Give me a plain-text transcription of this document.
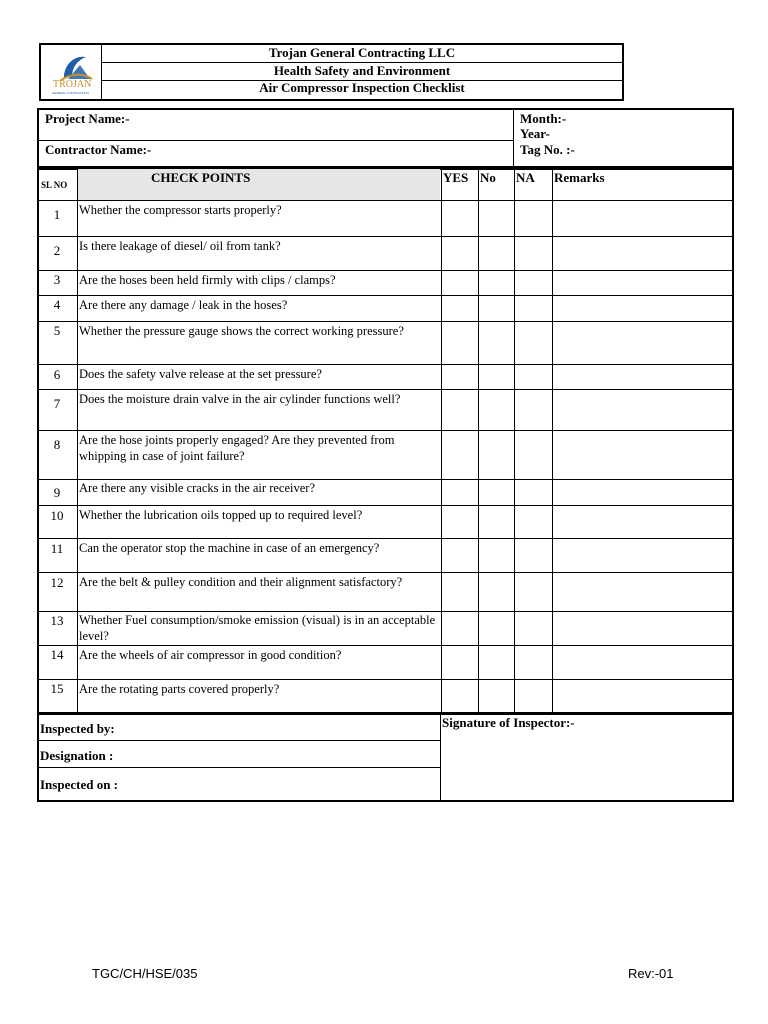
TROJAN
GENERAL CONTRACTING
Trojan General Contracting LLC
Health Safety and Environment
Air Compressor Inspection Checklist
Project Name:-
Contractor Name:-
Month:-
Year-
Tag No. :-
SL NO	CHECK POINTS	YES No NA Remarks
1	Whether the compressor starts properly?
2	Is there leakage of diesel/ oil from tank?
3	Are the hoses been held firmly with clips / clamps?
4	Are there any damage / leak in the hoses?
5	Whether the pressure gauge shows the correct working pressure?
6	Does the safety valve release at the set pressure?
7	Does the moisture drain valve in the air cylinder functions well?
8	Are the hose joints properly engaged? Are they prevented from whipping in case of joint failure?
9	Are there any visible cracks in the air receiver?
10	Whether the lubrication oils topped up to required level?
11	Can the operator stop the machine in case of an emergency?
12	Are the belt & pulley condition and their alignment satisfactory?
13	Whether Fuel consumption/smoke emission (visual) is in an acceptable level?
14	Are the wheels of air compressor in good condition?
15	Are the rotating parts covered properly?
Inspected by:
Designation :
Inspected on :
Signature of Inspector:-
TGC/CH/HSE/035	Rev:-01
